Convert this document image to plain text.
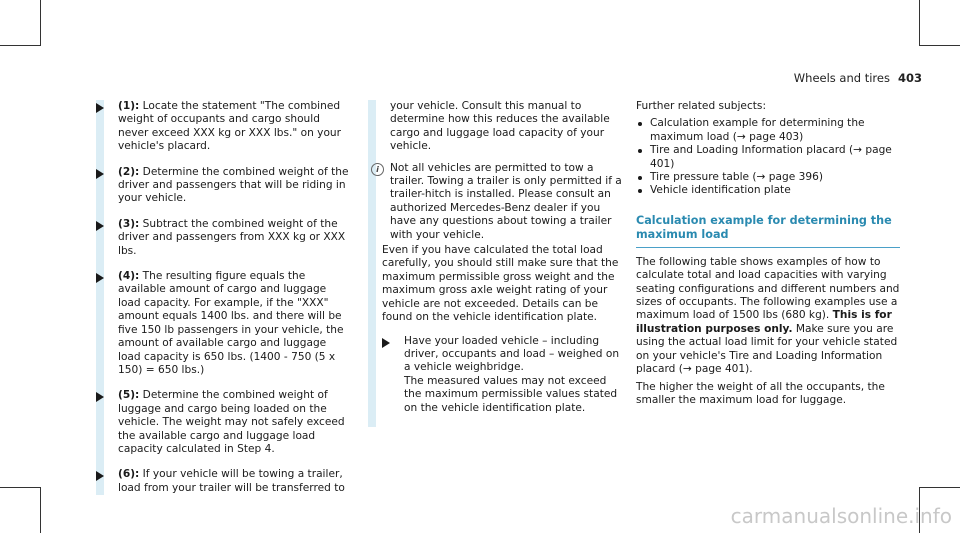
Wheels and tires 403
(1): Locate the statement "The combined weight of occupants and cargo should never exceed XXX kg or XXX lbs." on your vehicle's placard.
(2): Determine the combined weight of the driver and passengers that will be riding in your vehicle.
(3): Subtract the combined weight of the driver and passengers from XXX kg or XXX lbs.
(4): The resulting figure equals the available amount of cargo and luggage load capacity. For example, if the "XXX" amount equals 1400 lbs. and there will be five 150 lb passengers in your vehicle, the amount of available cargo and luggage load capacity is 650 lbs. (1400 - 750 (5 x 150) = 650 lbs.)
(5): Determine the combined weight of luggage and cargo being loaded on the vehicle. The weight may not safely exceed the available cargo and luggage load capacity calculated in Step 4.
(6): If your vehicle will be towing a trailer, load from your trailer will be transferred to

your vehicle. Consult this manual to determine how this reduces the available cargo and luggage load capacity of your vehicle.

i	Not all vehicles are permitted to tow a trailer. Towing a trailer is only permitted if a trailer-hitch is installed. Please consult an authorized Mercedes-Benz dealer if you have any questions about towing a trailer with your vehicle.

Even if you have calculated the total load carefully, you should still make sure that the maximum permissible gross weight and the maximum gross axle weight rating of your vehicle are not exceeded. Details can be found on the vehicle identification plate.

Have your loaded vehicle – including driver, occupants and load – weighed on a vehicle weighbridge.

The measured values may not exceed the maximum permissible values stated on the vehicle identification plate.

Further related subjects:

Calculation example for determining the maximum load (→ page 403)
Tire and Loading Information placard (→ page 401)
Tire pressure table (→ page 396)
Vehicle identification plate
Calculation example for determining the maximum load

The following table shows examples of how to calculate total and load capacities with varying seating configurations and different numbers and sizes of occupants. The following examples use a maximum load of 1500 lbs (680 kg). This is for illustration purposes only. Make sure you are using the actual load limit for your vehicle stated on your vehicle's Tire and Loading Information placard (→ page 401).

The higher the weight of all the occupants, the smaller the maximum load for luggage.

carmanualsonline.info
